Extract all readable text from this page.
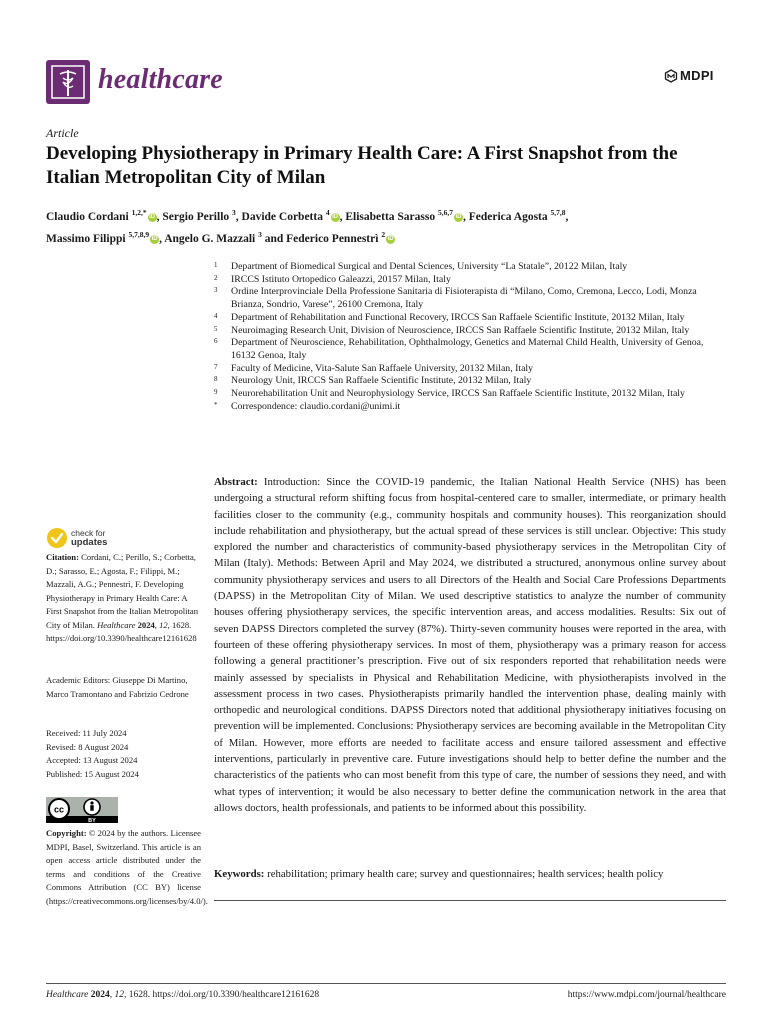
healthcare	MDPI
Article
Developing Physiotherapy in Primary Health Care: A First Snapshot from the Italian Metropolitan City of Milan
Claudio Cordani $^{1,2,*}$ iD , Sergio Perillo $^3$, Davide Corbetta $^4$ iD , Elisabetta Sarasso $^{5,6,7}$ iD , Federica Agosta $^{5,7,8}$,
Massimo Filippi $^{5,7,8,9}$ iD , Angelo G. Mazzali $^3$ and Federico Pennestrì $^2$ iD
1 Department of Biomedical Surgical and Dental Sciences, University “La Statale”, 20122 Milan, Italy
2 IRCCS Istituto Ortopedico Galeazzi, 20157 Milan, Italy
3 Ordine Interprovinciale Della Professione Sanitaria di Fisioterapista di “Milano, Como, Cremona, Lecco, Lodi, Monza Brianza, Sondrio, Varese”, 26100 Cremona, Italy
4 Department of Rehabilitation and Functional Recovery, IRCCS San Raffaele Scientific Institute, 20132 Milan, Italy
5 Neuroimaging Research Unit, Division of Neuroscience, IRCCS San Raffaele Scientific Institute, 20132 Milan, Italy
6 Department of Neuroscience, Rehabilitation, Ophthalmology, Genetics and Maternal Child Health, University of Genoa, 16132 Genoa, Italy
7 Faculty of Medicine, Vita-Salute San Raffaele University, 20132 Milan, Italy
8 Neurology Unit, IRCCS San Raffaele Scientific Institute, 20132 Milan, Italy
9 Neurorehabilitation Unit and Neurophysiology Service, IRCCS San Raffaele Scientific Institute, 20132 Milan, Italy
* Correspondence: claudio.cordani@unimi.it
Abstract: Introduction: Since the COVID-19 pandemic, the Italian National Health Service (NHS) has been undergoing a structural reform shifting focus from hospital-centered care to smaller, intermediate, or primary health facilities closer to the community (e.g., community hospitals and community houses). This reorganization should include rehabilitation and physiotherapy, but the actual spread of these services is still unclear. Objective: This study explored the number and characteristics of community-based physiotherapy services in the Metropolitan City of Milan (Italy). Methods: Between April and May 2024, we distributed a structured, anonymous online survey about community physiotherapy services and users to all Directors of the Health and Social Care Professions Departments (DAPSS) in the Metropolitan City of Milan. We used descriptive statistics to analyze the number of community houses offering physiotherapy services, the specific intervention areas, and access modalities. Results: Six out of seven DAPSS Directors completed the survey (87%). Thirty-seven community houses were reported in the area, with fourteen of these offering physiotherapy services. In most of them, physiotherapy was a primary reason for access following a general practitioner’s prescription. Five out of six responders reported that rehabilitation needs were mainly assessed by specialists in Physical and Rehabilitation Medicine, with physiotherapists involved in the assessment process in two cases. Physiotherapists primarily handled the intervention phase, dealing mainly with orthopedic and neurological conditions. DAPSS Directors noted that additional physiotherapy initiatives focusing on prevention will be implemented. Conclusions: Physiotherapy services are becoming available in the Metropolitan City of Milan. However, more efforts are needed to facilitate access and ensure tailored assessment and effective interventions, particularly in preventive care. Future investigations should help to better define the number and the characteristics of the patients who can most benefit from this type of care, the number of sessions they need, and with what types of intervention; it would be also necessary to better define the communication network in the area that allows doctors, health professionals, and patients to be informed about this possibility.
Keywords: rehabilitation; primary health care; survey and questionnaires; health services; health policy
check for
updates
Citation: Cordani, C.; Perillo, S.; Corbetta, D.; Sarasso, E.; Agosta, F.; Filippi, M.; Mazzali, A.G.; Pennestrì, F. Developing Physiotherapy in Primary Health Care: A First Snapshot from the Italian Metropolitan City of Milan. Healthcare 2024, 12, 1628. https://doi.org/10.3390/healthcare12161628
Academic Editors: Giuseppe Di Martino, Marco Tramontano and Fabrizio Cedrone
Received: 11 July 2024
Revised: 8 August 2024
Accepted: 13 August 2024
Published: 15 August 2024
cc
BY
Copyright: © 2024 by the authors. Licensee MDPI, Basel, Switzerland. This article is an open access article distributed under the terms and conditions of the Creative Commons Attribution (CC BY) license (https://creativecommons.org/licenses/by/4.0/).
Healthcare 2024, 12, 1628. https://doi.org/10.3390/healthcare12161628	https://www.mdpi.com/journal/healthcare
